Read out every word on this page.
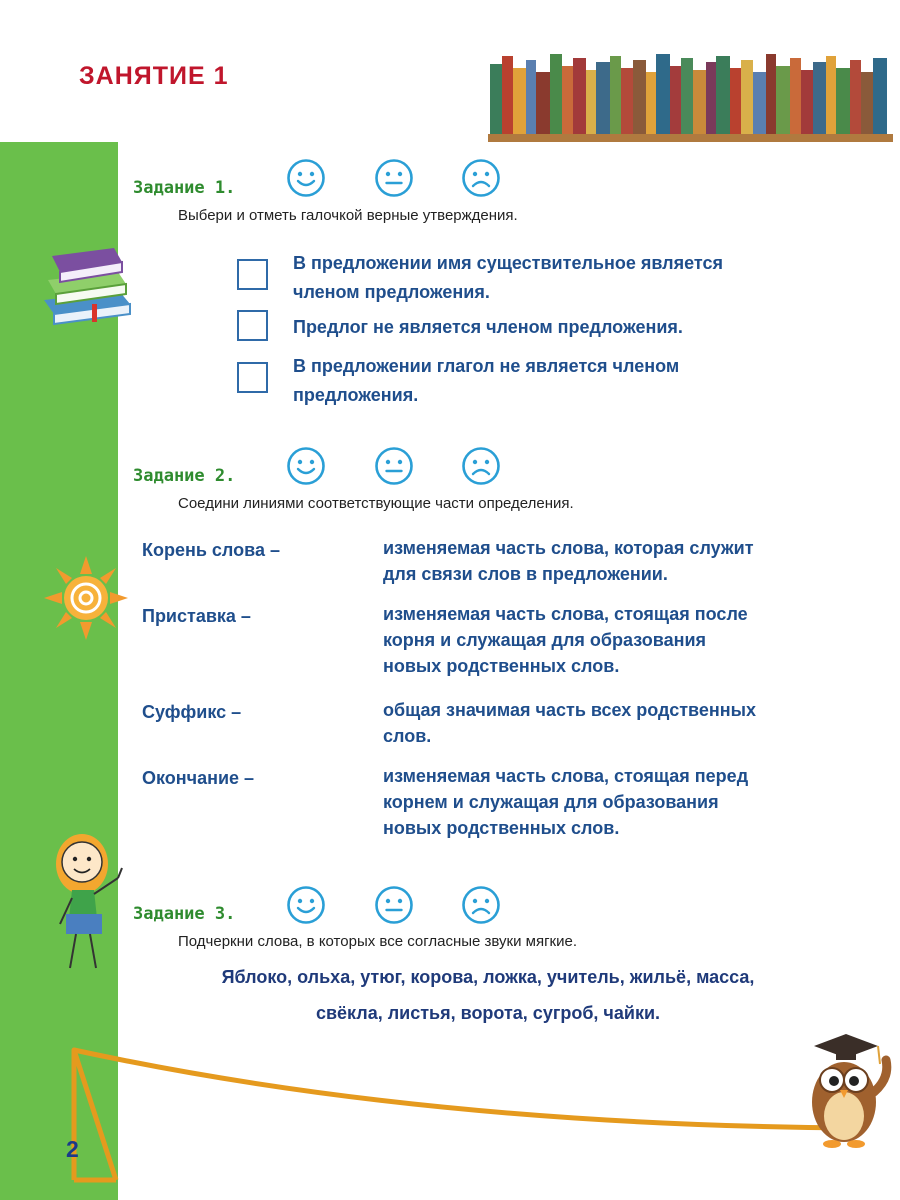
ЗАНЯТИЕ 1
Задание 1.
Выбери и отметь галочкой верные утверждения.
В предложении имя существительное является
членом предложения.
Предлог не является членом предложения.
В предложении глагол не является членом
предложения.
Задание 2.
Соедини линиями соответствующие части определения.
Корень слова –	изменяемая часть слова, которая служит
для связи слов в предложении.
Приставка –	изменяемая часть слова, стоящая после
корня и служащая для образования
новых родственных слов.
Суффикс –	общая значимая часть всех родственных
слов.
Окончание –	изменяемая часть слова, стоящая перед
корнем и служащая для образования
новых родственных слов.
Задание 3.
Подчеркни слова, в которых все согласные звуки мягкие.
Яблоко, ольха, утюг, корова, ложка, учитель, жильё, масса,
свёкла, листья, ворота, сугроб, чайки.
2
